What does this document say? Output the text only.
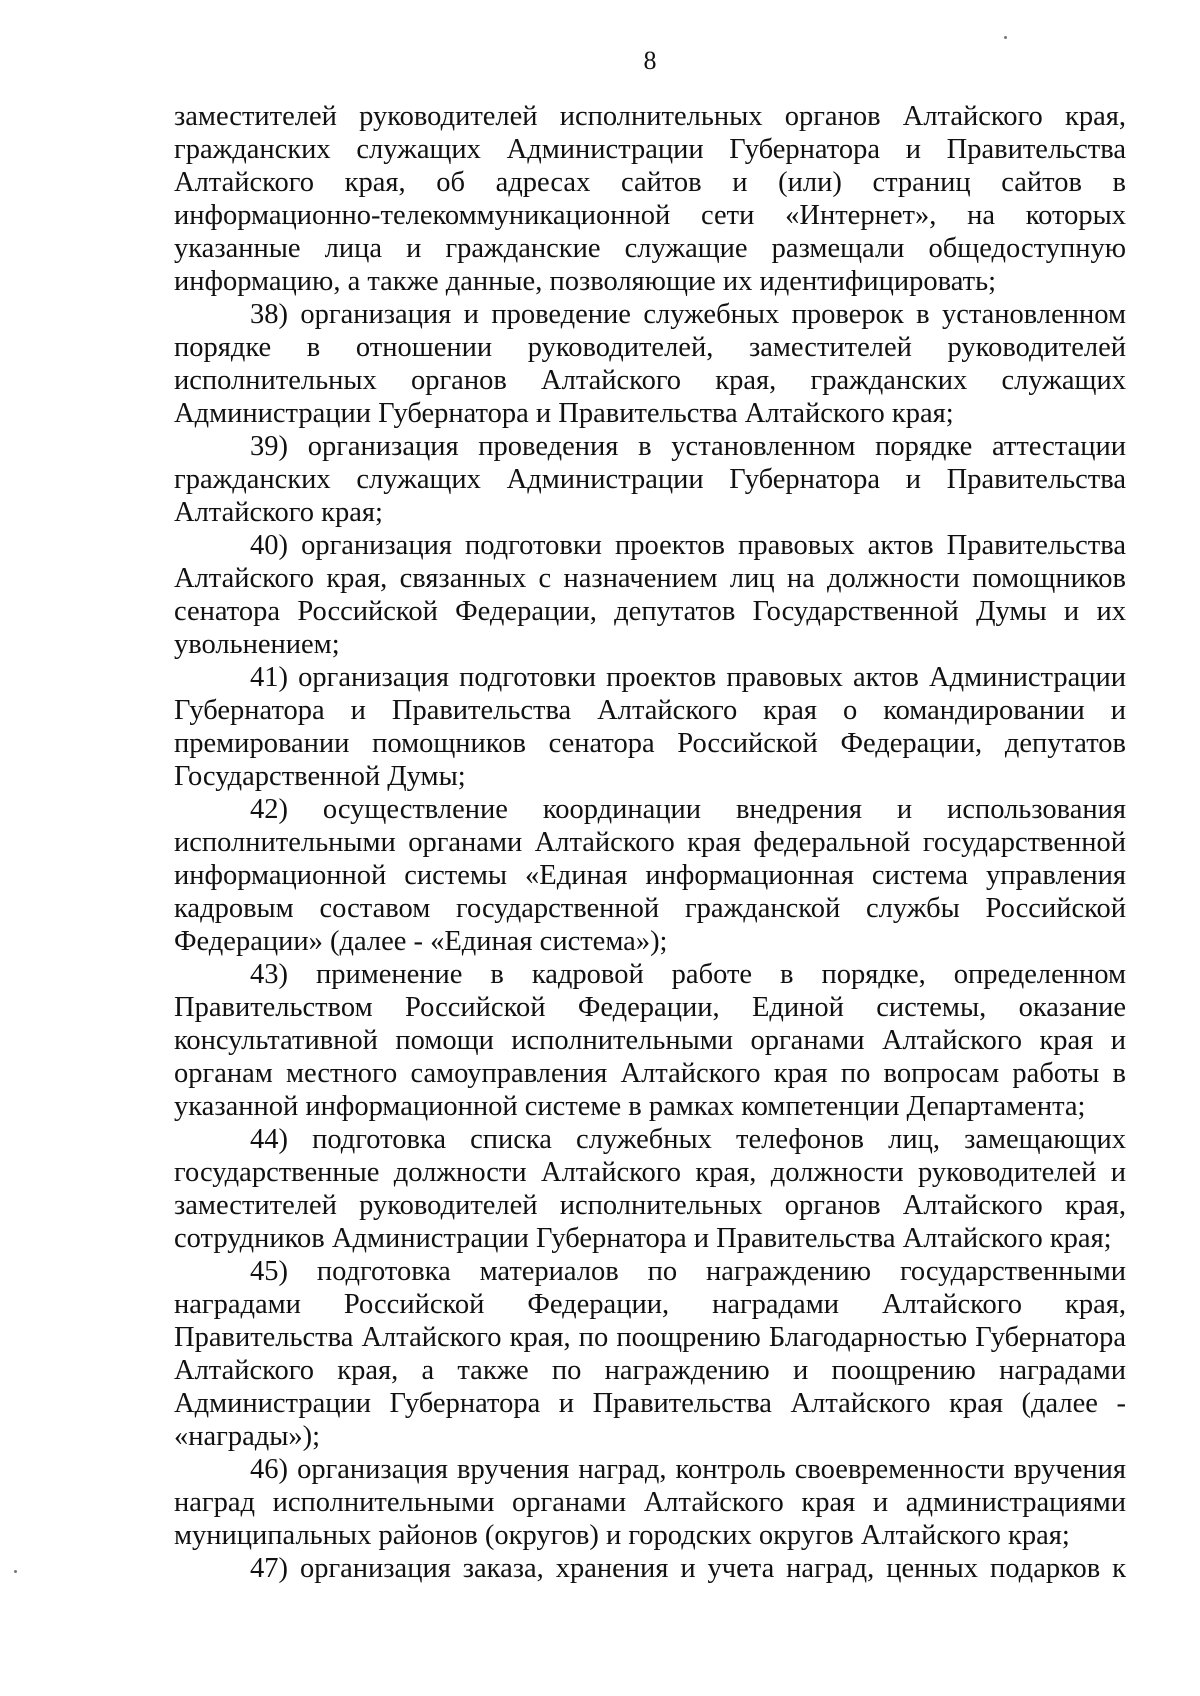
8

заместителей руководителей исполнительных органов Алтайского края, гражданских служащих Администрации Губернатора и Правительства Алтайского края, об адресах сайтов и (или) страниц сайтов в информационно-телекоммуникационной сети «Интернет», на которых указанные лица и гражданские служащие размещали общедоступную информацию, а также данные, позволяющие их идентифицировать;

38) организация и проведение служебных проверок в установленном порядке в отношении руководителей, заместителей руководителей исполнительных органов Алтайского края, гражданских служащих Администрации Губернатора и Правительства Алтайского края;

39) организация проведения в установленном порядке аттестации гражданских служащих Администрации Губернатора и Правительства Алтайского края;

40) организация подготовки проектов правовых актов Правительства Алтайского края, связанных с назначением лиц на должности помощников сенатора Российской Федерации, депутатов Государственной Думы и их увольнением;

41) организация подготовки проектов правовых актов Администрации Губернатора и Правительства Алтайского края о командировании и премировании помощников сенатора Российской Федерации, депутатов Государственной Думы;

42) осуществление координации внедрения и использования исполнительными органами Алтайского края федеральной государственной информационной системы «Единая информационная система управления кадровым составом государственной гражданской службы Российской Федерации» (далее - «Единая система»);

43) применение в кадровой работе в порядке, определенном Правительством Российской Федерации, Единой системы, оказание консультативной помощи исполнительными органами Алтайского края и органам местного самоуправления Алтайского края по вопросам работы в указанной информационной системе в рамках компетенции Департамента;

44) подготовка списка служебных телефонов лиц, замещающих государственные должности Алтайского края, должности руководителей и заместителей руководителей исполнительных органов Алтайского края, сотрудников Администрации Губернатора и Правительства Алтайского края;

45) подготовка материалов по награждению государственными наградами Российской Федерации, наградами Алтайского края, Правительства Алтайского края, по поощрению Благодарностью Губернатора Алтайского края, а также по награждению и поощрению наградами Администрации Губернатора и Правительства Алтайского края (далее - «награды»);

46) организация вручения наград, контроль своевременности вручения наград исполнительными органами Алтайского края и администрациями муниципальных районов (округов) и городских округов Алтайского края;

47) организация заказа, хранения и учета наград, ценных подарков к
